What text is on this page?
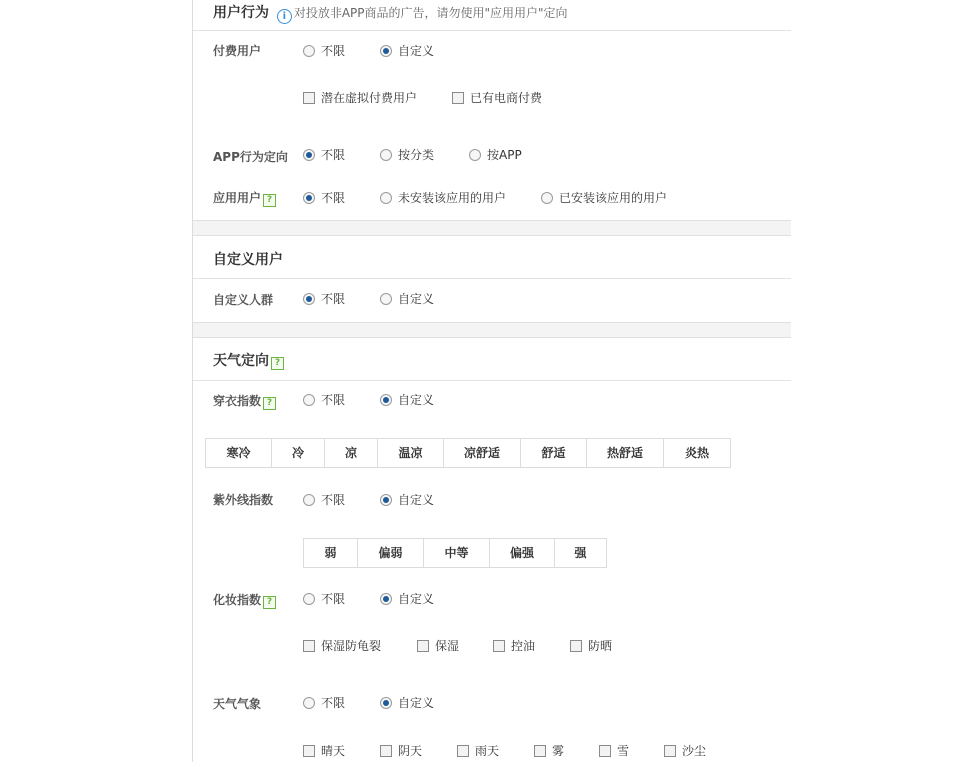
用户行为 i 对投放非APP商品的广告，请勿使用"应用用户"定向
付费用户	不限	自定义
潜在虚拟付费用户	已有电商付费
APP行为定向	不限	按分类	按APP
应用用户 ?	不限	未安装该应用的用户	已安装该应用的用户
自定义用户
自定义人群	不限	自定义
天气定向 ?
穿衣指数 ?	不限	自定义
寒冷	冷	凉	温凉	凉舒适	舒适	热舒适	炎热
紫外线指数	不限	自定义
弱	偏弱	中等	偏强	强
化妆指数 ?	不限	自定义
保湿防龟裂	保湿	控油	防晒
天气气象	不限	自定义
晴天	阴天	雨天	雾	雪	沙尘
